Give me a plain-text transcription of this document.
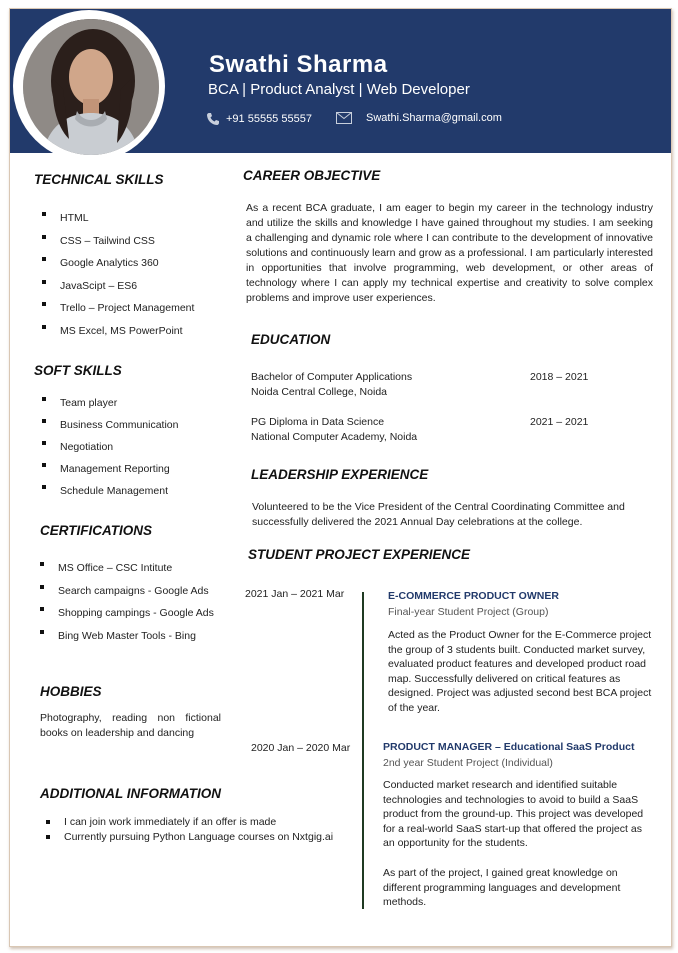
Swathi Sharma
BCA | Product Analyst | Web Developer
+91 55555 55557	Swathi.Sharma@gmail.com
TECHNICAL SKILLS
HTML
CSS – Tailwind CSS
Google Analytics 360
JavaScipt – ES6
Trello – Project Management
MS Excel, MS PowerPoint
SOFT SKILLS
Team player
Business Communication
Negotiation
Management Reporting
Schedule Management
CERTIFICATIONS
MS Office – CSC Intitute
Search campaigns - Google Ads
Shopping campings - Google Ads
Bing Web Master Tools - Bing
HOBBIES
Photography, reading non fictional books on leadership and dancing
ADDITIONAL INFORMATION
I can join work immediately if an offer is made
Currently pursuing Python Language courses on Nxtgig.ai
CAREER OBJECTIVE
As a recent BCA graduate, I am eager to begin my career in the technology industry and utilize the skills and knowledge I have gained throughout my studies. I am seeking a challenging and dynamic role where I can contribute to the development of innovative solutions and continuously learn and grow as a professional. I am particularly interested in opportunities that involve programming, web development, or other areas of technology where I can apply my technical expertise and creativity to solve complex problems and improve user experiences.
EDUCATION
Bachelor of Computer Applications
Noida Central College, Noida
2018 – 2021
PG Diploma in Data Science
National Computer Academy, Noida
2021 – 2021
LEADERSHIP EXPERIENCE
Volunteered to be the Vice President of the Central Coordinating Committee and successfully delivered the 2021 Annual Day celebrations at the college.
STUDENT PROJECT EXPERIENCE
2021 Jan – 2021 Mar	E-COMMERCE PRODUCT OWNER
Final-year Student Project (Group)
Acted as the Product Owner for the E-Commerce project the group of 3 students built. Conducted market survey, evaluated product features and developed product road map. Successfully delivered on critical features as designed. Project was adjusted second best BCA project of the year.
2020 Jan – 2020 Mar	PRODUCT MANAGER – Educational SaaS Product
2nd year Student Project (Individual)
Conducted market research and identified suitable technologies and technologies to avoid to build a SaaS product from the ground-up. This project was developed for a real-world SaaS start-up that offered the project as an opportunity for the students.
As part of the project, I gained great knowledge on different programming languages and development methods.
